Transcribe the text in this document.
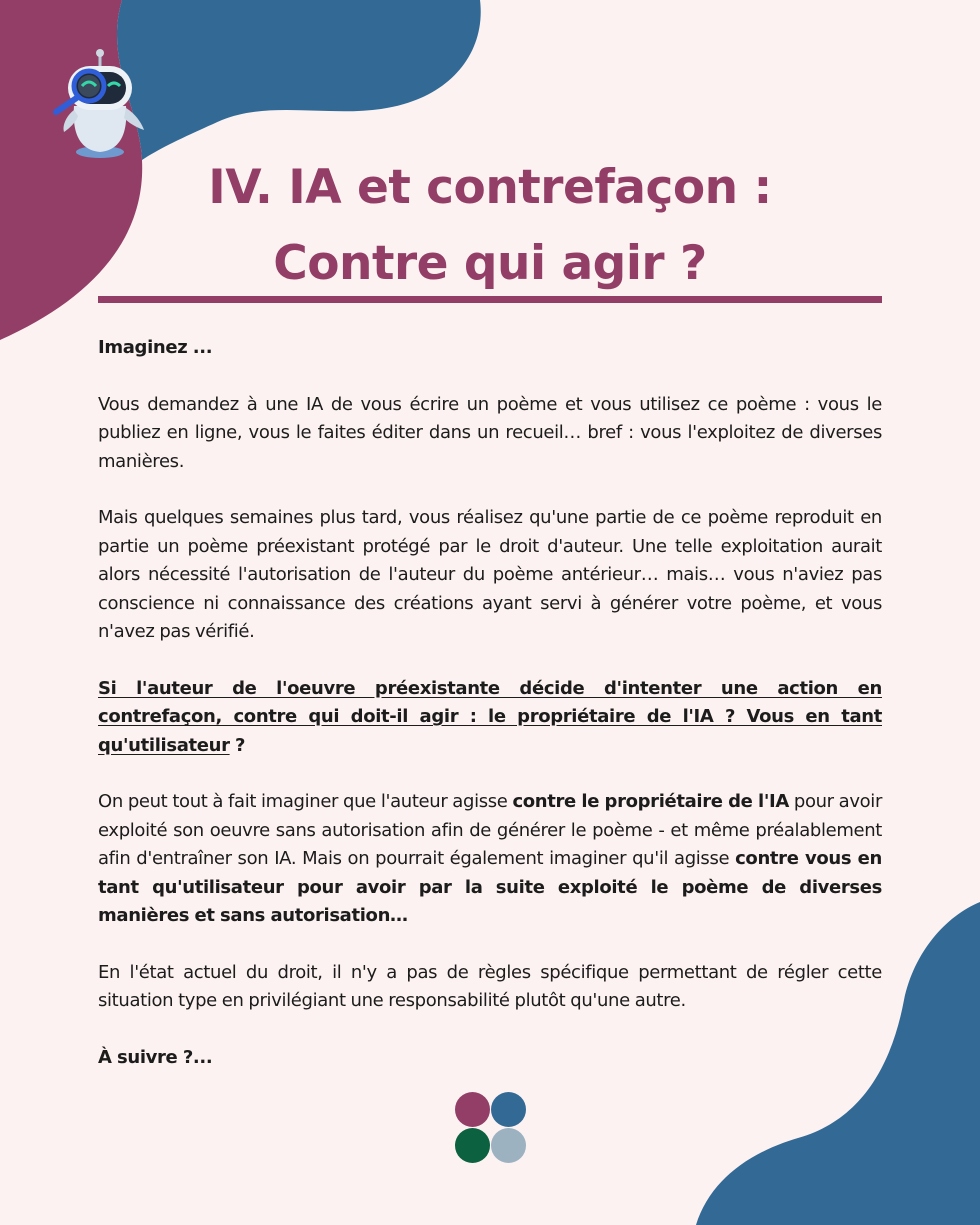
IV. IA et contrefaçon :
Contre qui agir ?

Imaginez ...

Vous demandez à une IA de vous écrire un poème et vous utilisez ce poème : vous le publiez en ligne, vous le faites éditer dans un recueil… bref : vous l'exploitez de diverses manières.

Mais quelques semaines plus tard, vous réalisez qu'une partie de ce poème reproduit en partie un poème préexistant protégé par le droit d'auteur. Une telle exploitation aurait alors nécessité l'autorisation de l'auteur du poème antérieur… mais… vous n'aviez pas conscience ni connaissance des créations ayant servi à générer votre poème, et vous n'avez pas vérifié.

Si l'auteur de l'oeuvre préexistante décide d'intenter une action en contrefaçon, contre qui doit-il agir : le propriétaire de l'IA ? Vous en tant qu'utilisateur ?

On peut tout à fait imaginer que l'auteur agisse contre le propriétaire de l'IA pour avoir exploité son oeuvre sans autorisation afin de générer le poème - et même préalablement afin d'entraîner son IA. Mais on pourrait également imaginer qu'il agisse contre vous en tant qu'utilisateur pour avoir par la suite exploité le poème de diverses manières et sans autorisation…

En l'état actuel du droit, il n'y a pas de règles spécifique permettant de régler cette situation type en privilégiant une responsabilité plutôt qu'une autre.

À suivre ?...
